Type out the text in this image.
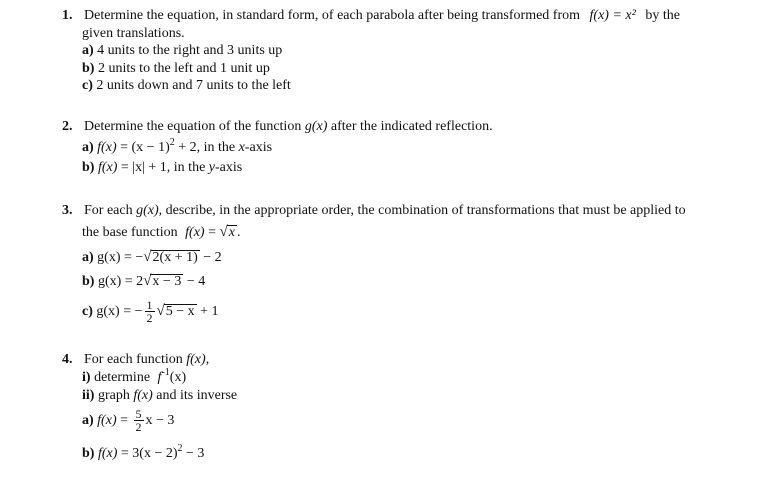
1. Determine the equation, in standard form, of each parabola after being transformed from f(x) = x² by the
given translations.
a) 4 units to the right and 3 units up
b) 2 units to the left and 1 unit up
c) 2 units down and 7 units to the left
2. Determine the equation of the function g(x) after the indicated reflection.
a) $f(x) = (x - 1)^2 + 2$, in the x-axis
b) f(x) = |x| + 1, in the y-axis
3. For each g(x), describe, in the appropriate order, the combination of transformations that must be applied to
the base function f(x) = √x .
a) g(x) = −√2(x + 1) − 2
b) g(x) = 2√x − 3 − 4
c) g(x) = − $\frac{1}{2} √5 - x + 1$
4. For each function f(x),
i) determine $f^{-1}(x)$
ii) graph f(x) and its inverse
a) $f(x) = \frac{5}{2}$ x − 3
b) $f(x) = 3(x - 2)^2 - 3$
